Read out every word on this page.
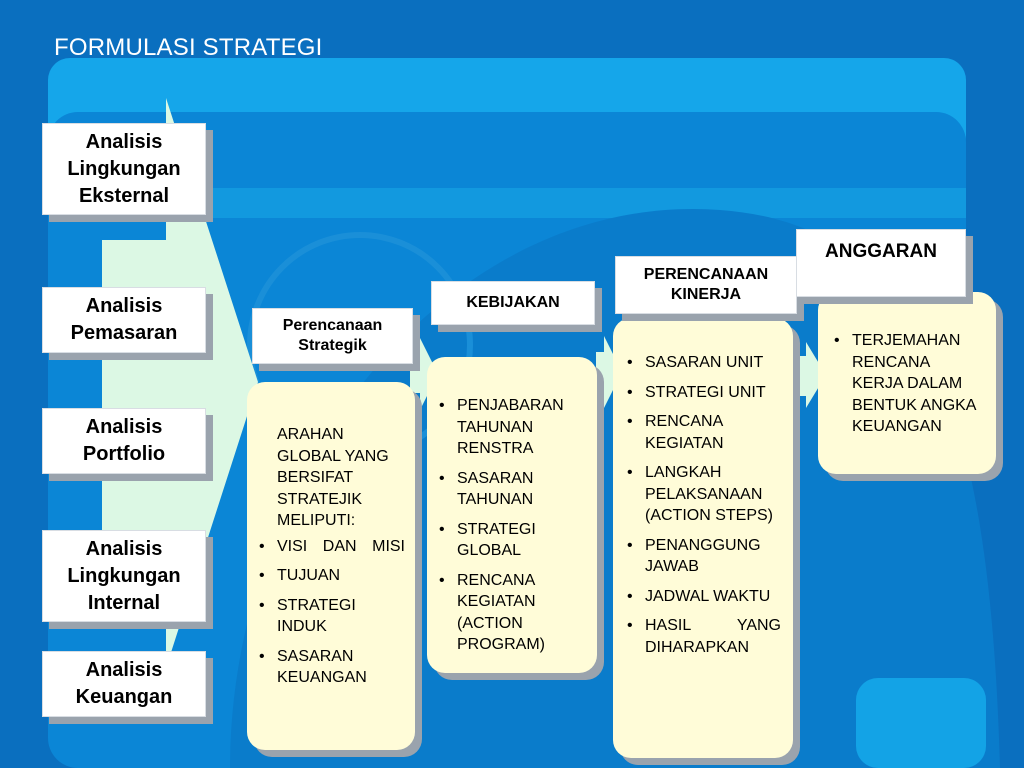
FORMULASI STRATEGI
Analisis
Lingkungan
Eksternal
Analisis
Pemasaran
Analisis
Portfolio
Analisis
Lingkungan
Internal
Analisis
Keuangan
ARAHAN GLOBAL YANG BERSIFAT STRATEJIK MELIPUTI:
• VISI DAN MISI
• TUJUAN
• STRATEGI INDUK
• SASARAN KEUANGAN
Perencanaan
Strategik
• PENJABARAN TAHUNAN RENSTRA
• SASARAN TAHUNAN
• STRATEGI GLOBAL
• RENCANA KEGIATAN (ACTION PROGRAM)
KEBIJAKAN
• SASARAN UNIT
• STRATEGI UNIT
• RENCANA KEGIATAN
• LANGKAH PELAKSANAAN (ACTION STEPS)
• PENANGGUNG JAWAB
• JADWAL WAKTU
• HASIL YANG DIHARAPKAN
PERENCANAAN
KINERJA
• TERJEMAHAN RENCANA KERJA DALAM BENTUK ANGKA KEUANGAN
ANGGARAN
